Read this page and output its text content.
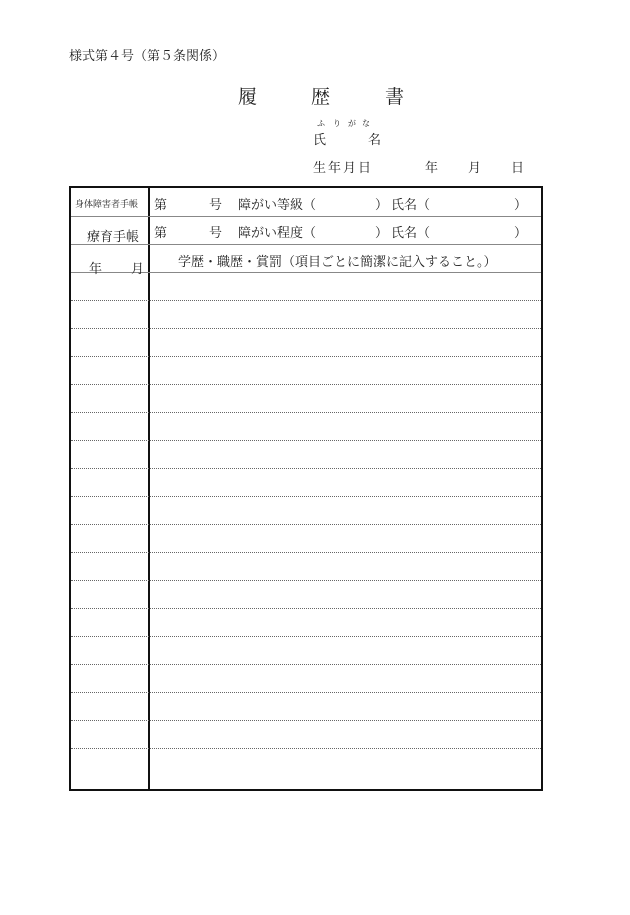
様式第４号（第５条関係）
履	歴	書
ふ り が な
氏	名
生年月日	年 月 日
身体障害者手帳 第	号 障がい等級（	） 氏名（	）
療育手帳 第	号 障がい程度（	） 氏名（	）
年 月	学歴・職歴・賞罰（項目ごとに簡潔に記入すること。）
